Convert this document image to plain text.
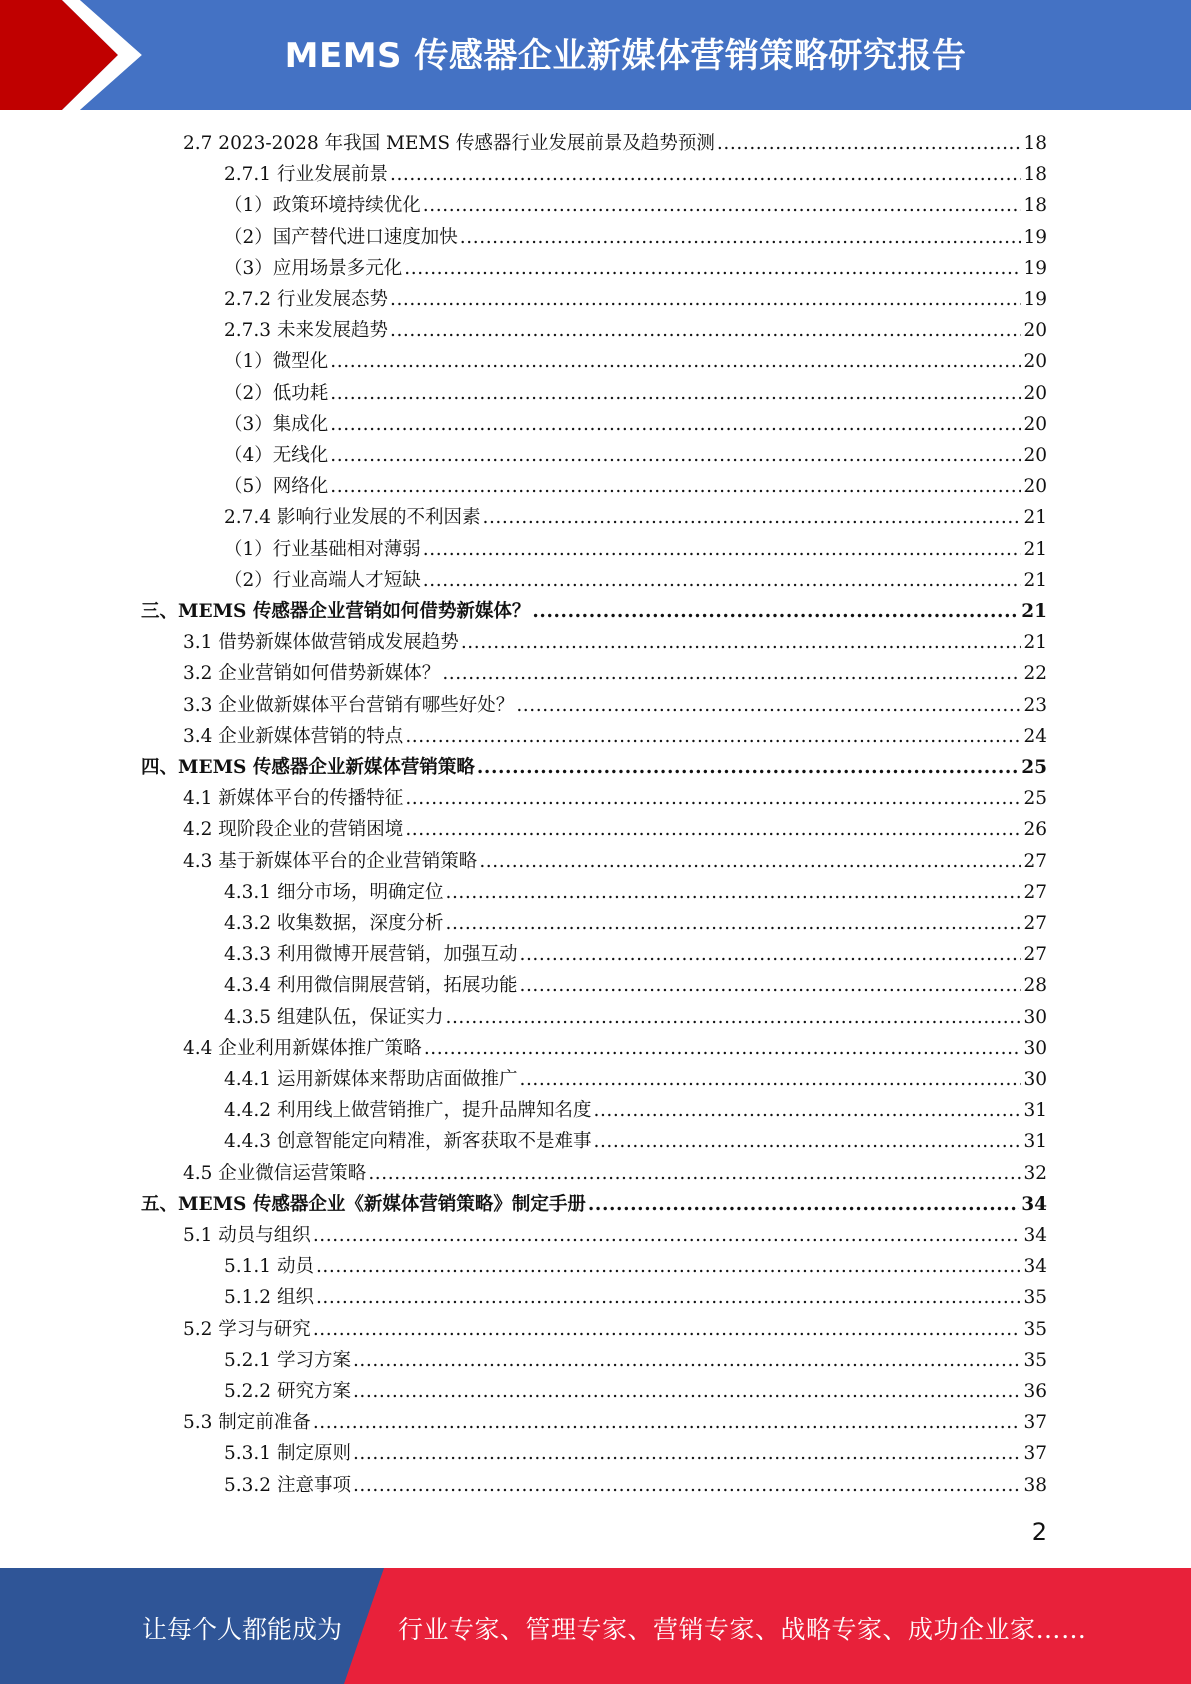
MEMS 传感器企业新媒体营销策略研究报告
2.7 2023-2028 年我国 MEMS 传感器行业发展前景及趋势预测 .....	18
2.7.1 行业发展前景 .....	18
（1）政策环境持续优化 .....	18
（2）国产替代进口速度加快 .....	19
（3）应用场景多元化 .....	19
2.7.2 行业发展态势 .....	19
2.7.3 未来发展趋势 .....	20
（1）微型化 .....	20
（2）低功耗 .....	20
（3）集成化 .....	20
（4）无线化 .....	20
（5）网络化 .....	20
2.7.4 影响行业发展的不利因素 .....	21
（1）行业基础相对薄弱 .....	21
（2）行业高端人才短缺 .....	21
三、MEMS 传感器企业营销如何借势新媒体？ .....	21
3.1 借势新媒体做营销成发展趋势 .....	21
3.2 企业营销如何借势新媒体？ .....	22
3.3 企业做新媒体平台营销有哪些好处？ .....	23
3.4 企业新媒体营销的特点 .....	24
四、MEMS 传感器企业新媒体营销策略 .....	25
4.1 新媒体平台的传播特征 .....	25
4.2 现阶段企业的营销困境 .....	26
4.3 基于新媒体平台的企业营销策略 .....	27
4.3.1 细分市场，明确定位 .....	27
4.3.2 收集数据，深度分析 .....	27
4.3.3 利用微博开展营销，加强互动 .....	27
4.3.4 利用微信開展营销，拓展功能 .....	28
4.3.5 组建队伍，保证实力 .....	30
4.4 企业利用新媒体推广策略 .....	30
4.4.1 运用新媒体来帮助店面做推广 .....	30
4.4.2 利用线上做营销推广，提升品牌知名度 .....	31
4.4.3 创意智能定向精准，新客获取不是难事 .....	31
4.5 企业微信运营策略 .....	32
五、MEMS 传感器企业《新媒体营销策略》制定手册 .....	34
5.1 动员与组织 .....	34
5.1.1 动员 .....	34
5.1.2 组织 .....	35
5.2 学习与研究 .....	35
5.2.1 学习方案 .....	35
5.2.2 研究方案 .....	36
5.3 制定前准备 .....	37
5.3.1 制定原则 .....	37
5.3.2 注意事项 .....	38
2
让每个人都能成为 行业专家、管理专家、营销专家、战略专家、成功企业家……
